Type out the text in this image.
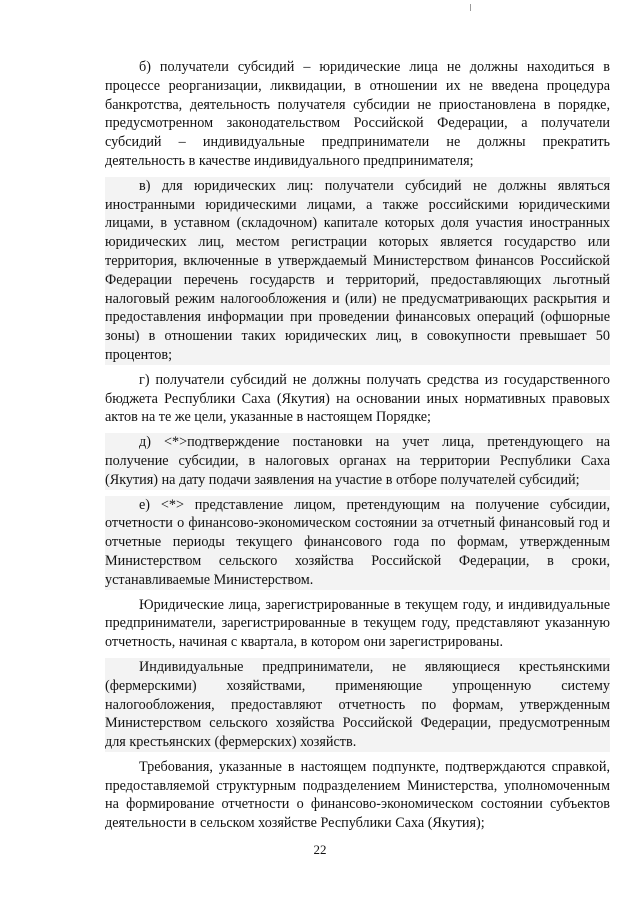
б) получатели субсидий – юридические лица не должны находиться в процессе реорганизации, ликвидации, в отношении их не введена процедура банкротства, деятельность получателя субсидии не приостановлена в порядке, предусмотренном законодательством Российской Федерации, а получатели субсидий – индивидуальные предприниматели не должны прекратить деятельность в качестве индивидуального предпринимателя;

в) для юридических лиц: получатели субсидий не должны являться иностранными юридическими лицами, а также российскими юридическими лицами, в уставном (складочном) капитале которых доля участия иностранных юридических лиц, местом регистрации которых является государство или территория, включенные в утверждаемый Министерством финансов Российской Федерации перечень государств и территорий, предоставляющих льготный налоговый режим налогообложения и (или) не предусматривающих раскрытия и предоставления информации при проведении финансовых операций (офшорные зоны) в отношении таких юридических лиц, в совокупности превышает 50 процентов;

г) получатели субсидий не должны получать средства из государственного бюджета Республики Саха (Якутия) на основании иных нормативных правовых актов на те же цели, указанные в настоящем Порядке;

д) <*>подтверждение постановки на учет лица, претендующего на получение субсидии, в налоговых органах на территории Республики Саха (Якутия) на дату подачи заявления на участие в отборе получателей субсидий;

е) <*> представление лицом, претендующим на получение субсидии, отчетности о финансово-экономическом состоянии за отчетный финансовый год и отчетные периоды текущего финансового года по формам, утвержденным Министерством сельского хозяйства Российской Федерации, в сроки, устанавливаемые Министерством.

Юридические лица, зарегистрированные в текущем году, и индивидуальные предприниматели, зарегистрированные в текущем году, представляют указанную отчетность, начиная с квартала, в котором они зарегистрированы.

Индивидуальные предприниматели, не являющиеся крестьянскими (фермерскими) хозяйствами, применяющие упрощенную систему налогообложения, предоставляют отчетность по формам, утвержденным Министерством сельского хозяйства Российской Федерации, предусмотренным для крестьянских (фермерских) хозяйств.

Требования, указанные в настоящем подпункте, подтверждаются справкой, предоставляемой структурным подразделением Министерства, уполномоченным на формирование отчетности о финансово-экономическом состоянии субъектов деятельности в сельском хозяйстве Республики Саха (Якутия);

22
